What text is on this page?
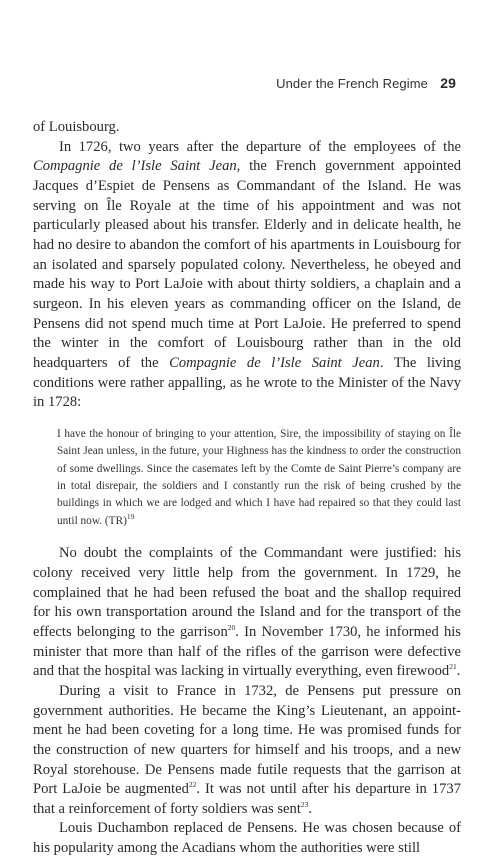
Under the French Regime 29

of Louisbourg.

In 1726, two years after the departure of the employees of the Compagnie de l’Isle Saint Jean, the French government appointed Jacques d’Espiet de Pensens as Commandant of the Island. He was serving on Île Royale at the time of his appointment and was not particularly pleased about his transfer. Elderly and in delicate health, he had no desire to abandon the comfort of his apartments in Louisbourg for an isolated and sparsely populated colony. Nevertheless, he obeyed and made his way to Port LaJoie with about thirty soldiers, a chaplain and a surgeon. In his eleven years as commanding officer on the Island, de Pensens did not spend much time at Port LaJoie. He preferred to spend the winter in the comfort of Louisbourg rather than in the old headquarters of the Compagnie de l’Isle Saint Jean. The living conditions were rather appalling, as he wrote to the Minister of the Navy in 1728:

I have the honour of bringing to your attention, Sire, the impossibility of staying on Île Saint Jean unless, in the future, your Highness has the kindness to order the construction of some dwellings. Since the casemates left by the Comte de Saint Pierre’s company are in total disrepair, the soldiers and I constantly run the risk of being crushed by the buildings in which we are lodged and which I have had repaired so that they could last until now. (TR)$^{19}$

No doubt the complaints of the Commandant were justified: his colony received very little help from the government. In 1729, he complained that he had been refused the boat and the shallop required for his own transportation around the Island and for the transport of the effects belonging to the garrison$^{20}$. In November 1730, he informed his minister that more than half of the rifles of the garrison were defective and that the hospital was lacking in virtually everything, even firewood$^{21}$.

During a visit to France in 1732, de Pensens put pressure on government authorities. He became the King’s Lieutenant, an appointment he had been coveting for a long time. He was promised funds for the construction of new quarters for himself and his troops, and a new Royal storehouse. De Pensens made futile requests that the garrison at Port LaJoie be augmented$^{22}$. It was not until after his departure in 1737 that a reinforcement of forty soldiers was sent$^{23}$.

Louis Duchambon replaced de Pensens. He was chosen because of his popularity among the Acadians whom the authorities were still
